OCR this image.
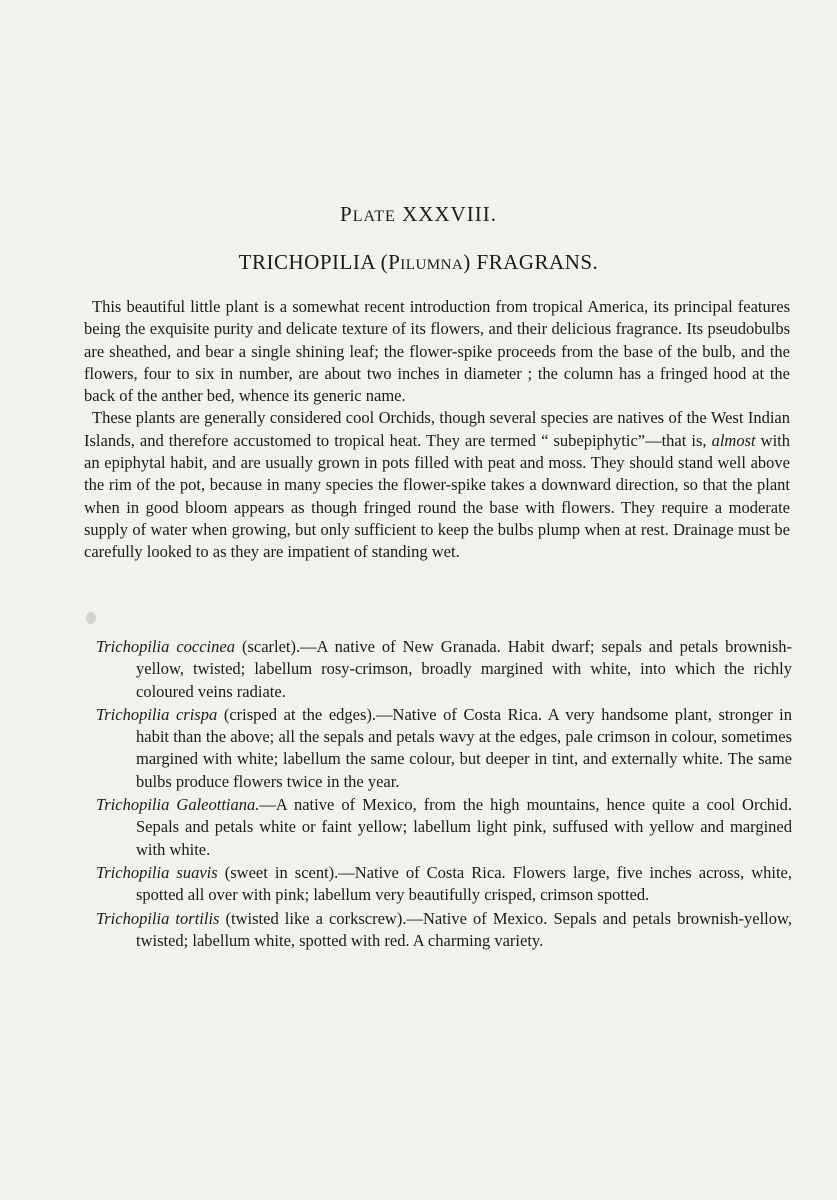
PLATE XXXVIII.
TRICHOPILIA (PILUMNA) FRAGRANS.

This beautiful little plant is a somewhat recent introduction from tropical America, its principal features being the exquisite purity and delicate texture of its flowers, and their delicious fragrance. Its pseudobulbs are sheathed, and bear a single shining leaf; the flower-spike proceeds from the base of the bulb, and the flowers, four to six in number, are about two inches in diameter ; the column has a fringed hood at the back of the anther bed, whence its generic name.

These plants are generally considered cool Orchids, though several species are natives of the West Indian Islands, and therefore accustomed to tropical heat. They are termed “ subepiphytic”—that is, almost with an epiphytal habit, and are usually grown in pots filled with peat and moss. They should stand well above the rim of the pot, because in many species the flower-spike takes a downward direction, so that the plant when in good bloom appears as though fringed round the base with flowers. They require a moderate supply of water when growing, but only sufficient to keep the bulbs plump when at rest. Drainage must be carefully looked to as they are impatient of standing wet.

Trichopilia coccinea (scarlet).—A native of New Granada. Habit dwarf; sepals and petals brownish-yellow, twisted; labellum rosy-crimson, broadly margined with white, into which the richly coloured veins radiate.

Trichopilia crispa (crisped at the edges).—Native of Costa Rica. A very handsome plant, stronger in habit than the above; all the sepals and petals wavy at the edges, pale crimson in colour, sometimes margined with white; labellum the same colour, but deeper in tint, and externally white. The same bulbs produce flowers twice in the year.

Trichopilia Galeottiana.—A native of Mexico, from the high mountains, hence quite a cool Orchid. Sepals and petals white or faint yellow; labellum light pink, suffused with yellow and margined with white.

Trichopilia suavis (sweet in scent).—Native of Costa Rica. Flowers large, five inches across, white, spotted all over with pink; labellum very beautifully crisped, crimson spotted.

Trichopilia tortilis (twisted like a corkscrew).—Native of Mexico. Sepals and petals brownish-yellow, twisted; labellum white, spotted with red. A charming variety.
